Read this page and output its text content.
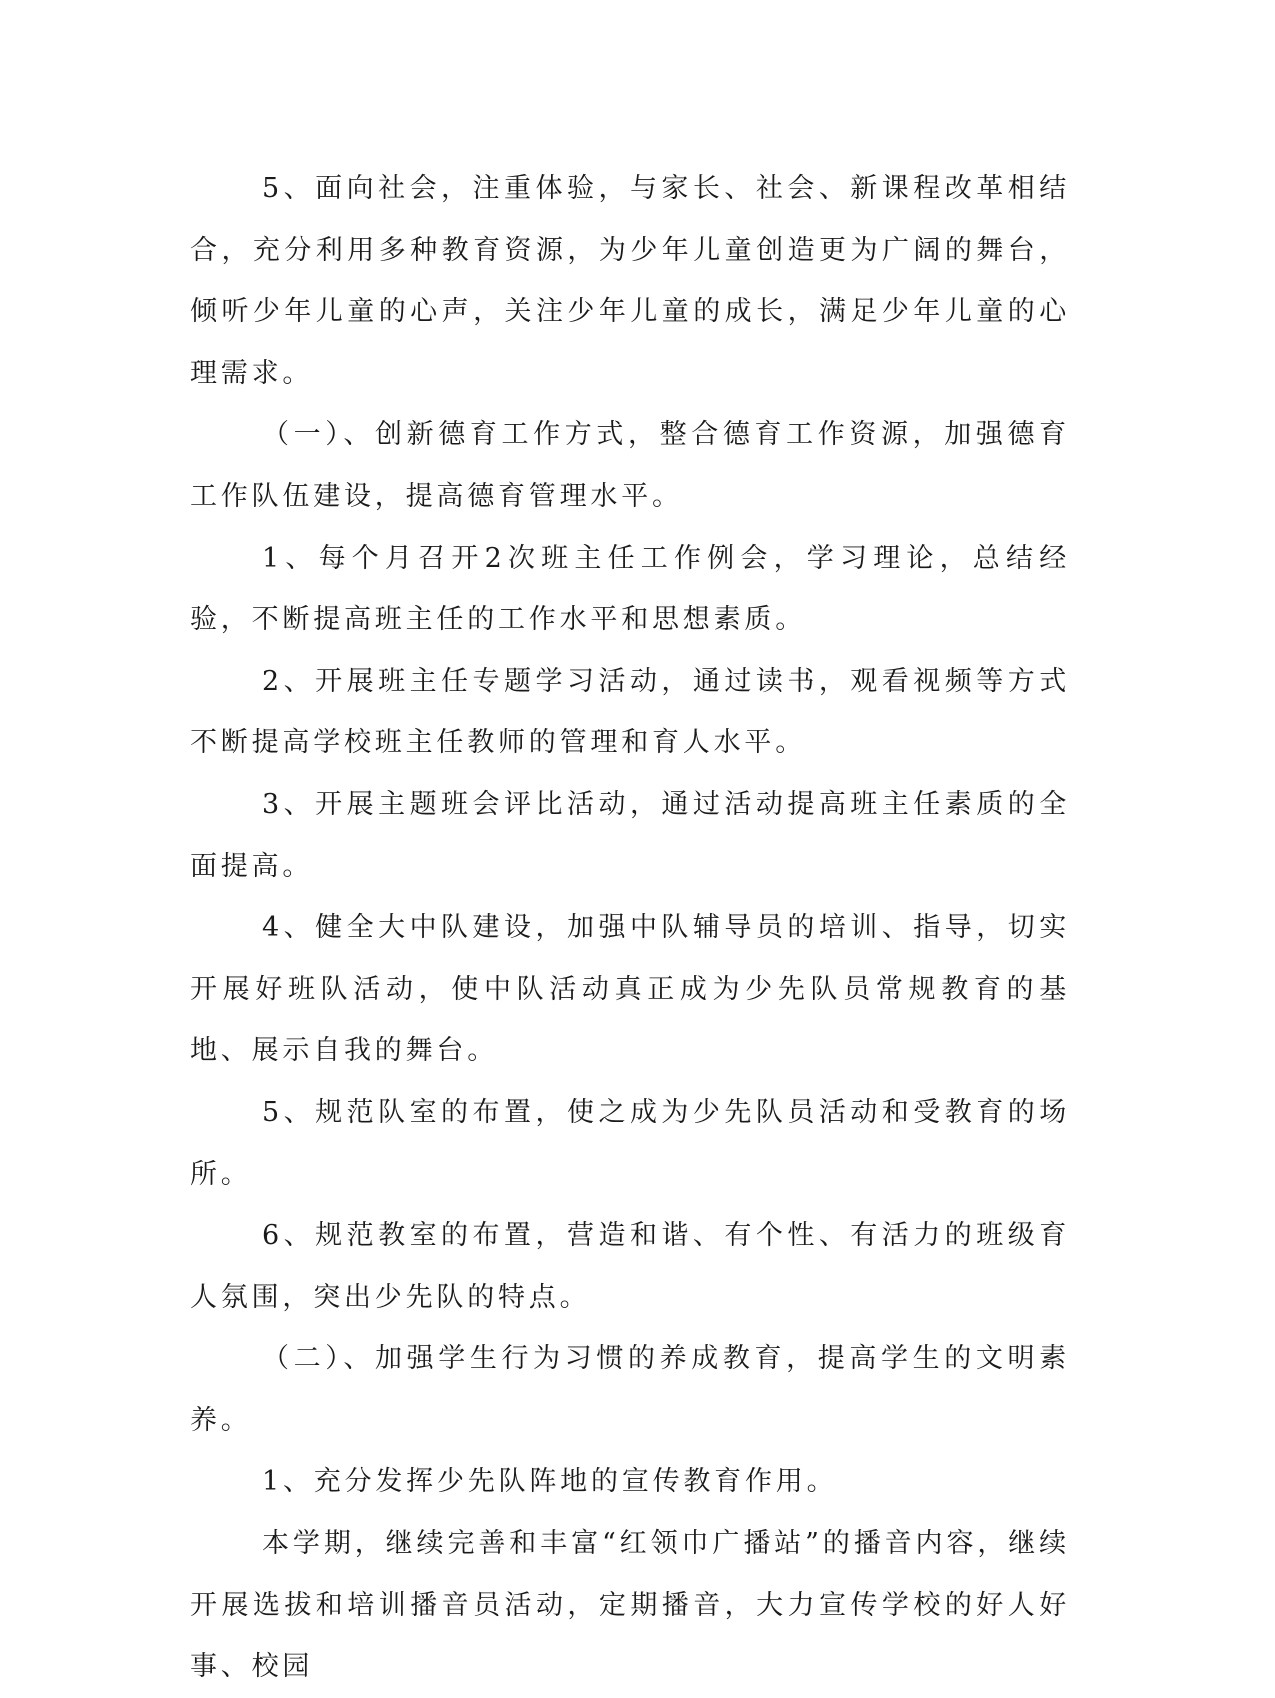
5、面向社会，注重体验，与家长、社会、新课程改革相结合，充分利用多种教育资源，为少年儿童创造更为广阔的舞台，倾听少年儿童的心声，关注少年儿童的成长，满足少年儿童的心理需求。

（一）、创新德育工作方式，整合德育工作资源，加强德育工作队伍建设，提高德育管理水平。

1、每个月召开2次班主任工作例会，学习理论，总结经验，不断提高班主任的工作水平和思想素质。

2、开展班主任专题学习活动，通过读书，观看视频等方式不断提高学校班主任教师的管理和育人水平。

3、开展主题班会评比活动，通过活动提高班主任素质的全面提高。

4、健全大中队建设，加强中队辅导员的培训、指导，切实开展好班队活动，使中队活动真正成为少先队员常规教育的基地、展示自我的舞台。

5、规范队室的布置，使之成为少先队员活动和受教育的场所。

6、规范教室的布置，营造和谐、有个性、有活力的班级育人氛围，突出少先队的特点。

（二）、加强学生行为习惯的养成教育，提高学生的文明素养。

1、充分发挥少先队阵地的宣传教育作用。

本学期，继续完善和丰富“红领巾广播站”的播音内容，继续开展选拔和培训播音员活动，定期播音，大力宣传学校的好人好事、校园
